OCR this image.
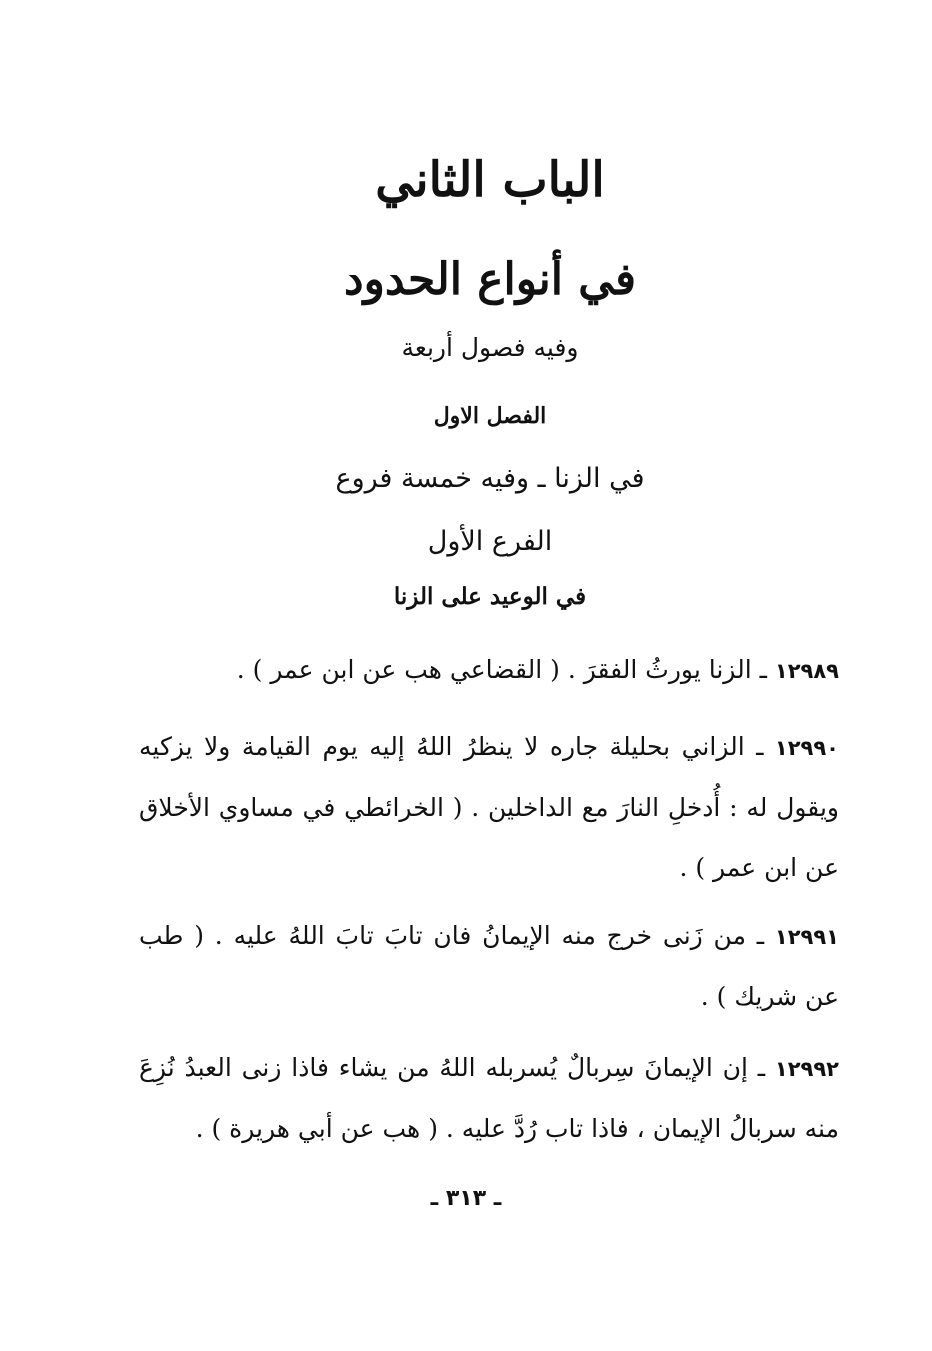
الباب الثاني
في أنواع الحدود
وفيه فصول أربعة
الفصل الاول
في الزنا ـ وفيه خمسة فروع
الفرع الأول
في الوعيد على الزنا
١٢٩٨٩ ـ الزنا يورثُ الفقرَ . ( القضاعي هب عن ابن عمر ) .
١٢٩٩٠ ـ الزاني بحليلة جاره لا ينظرُ اللهُ إليه يوم القيامة ولا يزكيه ويقول له : أُدخلِ النارَ مع الداخلين . ( الخرائطي في مساوي الأخلاق عن ابن عمر ) .
١٢٩٩١ ـ من زَنى خرج منه الإيمانُ فان تابَ تابَ اللهُ عليه . ( طب عن شريك ) .
١٢٩٩٢ ـ إن الإيمانَ سِربالٌ يُسربله اللهُ من يشاء فاذا زنى العبدُ نُزِعَ منه سربالُ الإيمان ، فاذا تاب رُدَّ عليه . ( هب عن أبي هريرة ) .
ـ ٣١٣ ـ
